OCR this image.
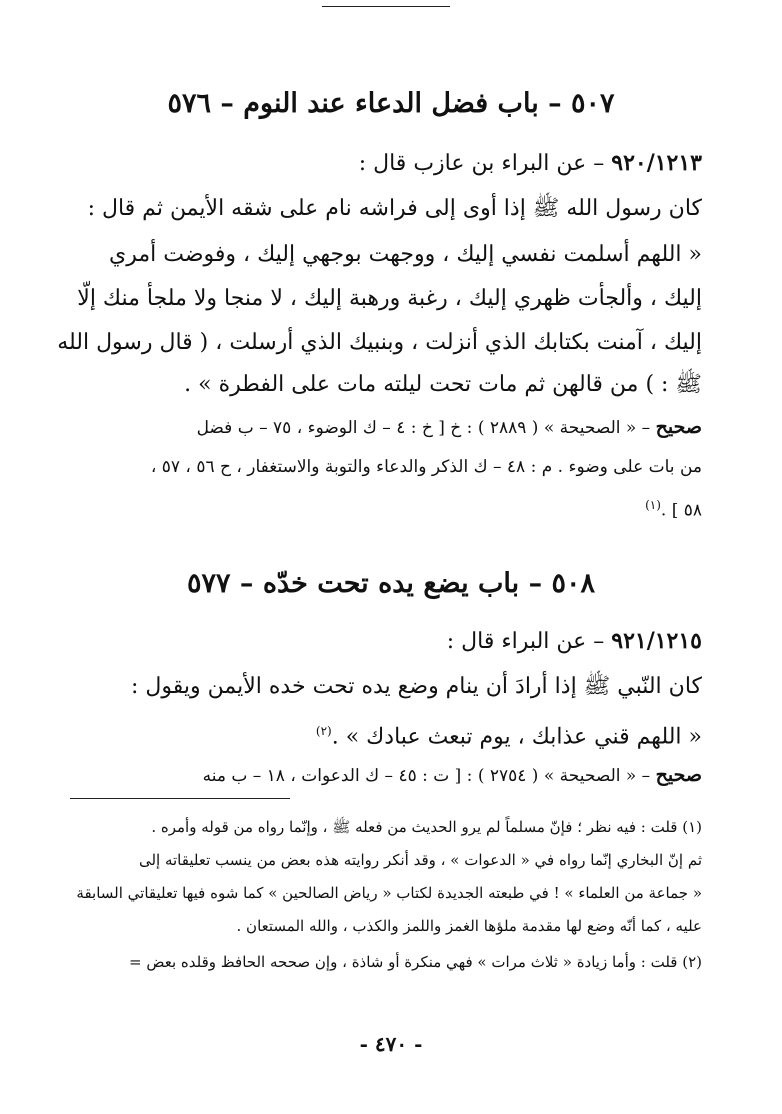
٥٠٧ – باب فضل الدعاء عند النوم – ٥٧٦
٩٢٠/١٢١٣ – عن البراء بن عازب قال :
كان رسول الله ﷺ إذا أوى إلى فراشه نام على شقه الأيمن ثم قال :
« اللهم أسلمت نفسي إليك ، ووجهت بوجهي إليك ، وفوضت أمري
إليك ، وألجأت ظهري إليك ، رغبة ورهبة إليك ، لا منجا ولا ملجأ منك إلّا
إليك ، آمنت بكتابك الذي أنزلت ، وبنبيك الذي أرسلت ، ( قال رسول الله
ﷺ : ) من قالهن ثم مات تحت ليلته مات على الفطرة » .
صحيح – « الصحيحة » ( ٢٨٨٩ ) : خ [ خ : ٤ – ك الوضوء ، ٧٥ – ب فضل
من بات على وضوء . م : ٤٨ – ك الذكر والدعاء والتوبة والاستغفار ، ح ٥٦ ، ٥٧ ،
٥٨ ] .$^{(١)}$
٥٠٨ – باب يضع يده تحت خدّه – ٥٧٧
٩٢١/١٢١٥ – عن البراء قال :
كان النّبي ﷺ إذا أرادَ أن ينام وضع يده تحت خده الأيمن ويقول :
« اللهم قني عذابك ، يوم تبعث عبادك » .$^{(٢)}$
صحيح – « الصحيحة » ( ٢٧٥٤ ) : [ ت : ٤٥ – ك الدعوات ، ١٨ – ب منه
(١) قلت : فيه نظر ؛ فإنّ مسلماً لم يرو الحديث من فعله ﷺ ، وإنّما رواه من قوله وأمره .
ثم إنّ البخاري إنّما رواه في « الدعوات » ، وقد أنكر روايته هذه بعض من ينسب تعليقاته إلى
« جماعة من العلماء » ! في طبعته الجديدة لكتاب « رياض الصالحين » كما شوه فيها تعليقاتي السابقة
عليه ، كما أنّه وضع لها مقدمة ملؤها الغمز واللمز والكذب ، والله المستعان .
(٢) قلت : وأما زيادة « ثلاث مرات » فهي منكرة أو شاذة ، وإن صححه الحافظ وقلده بعض =
- ٤٧٠ -
